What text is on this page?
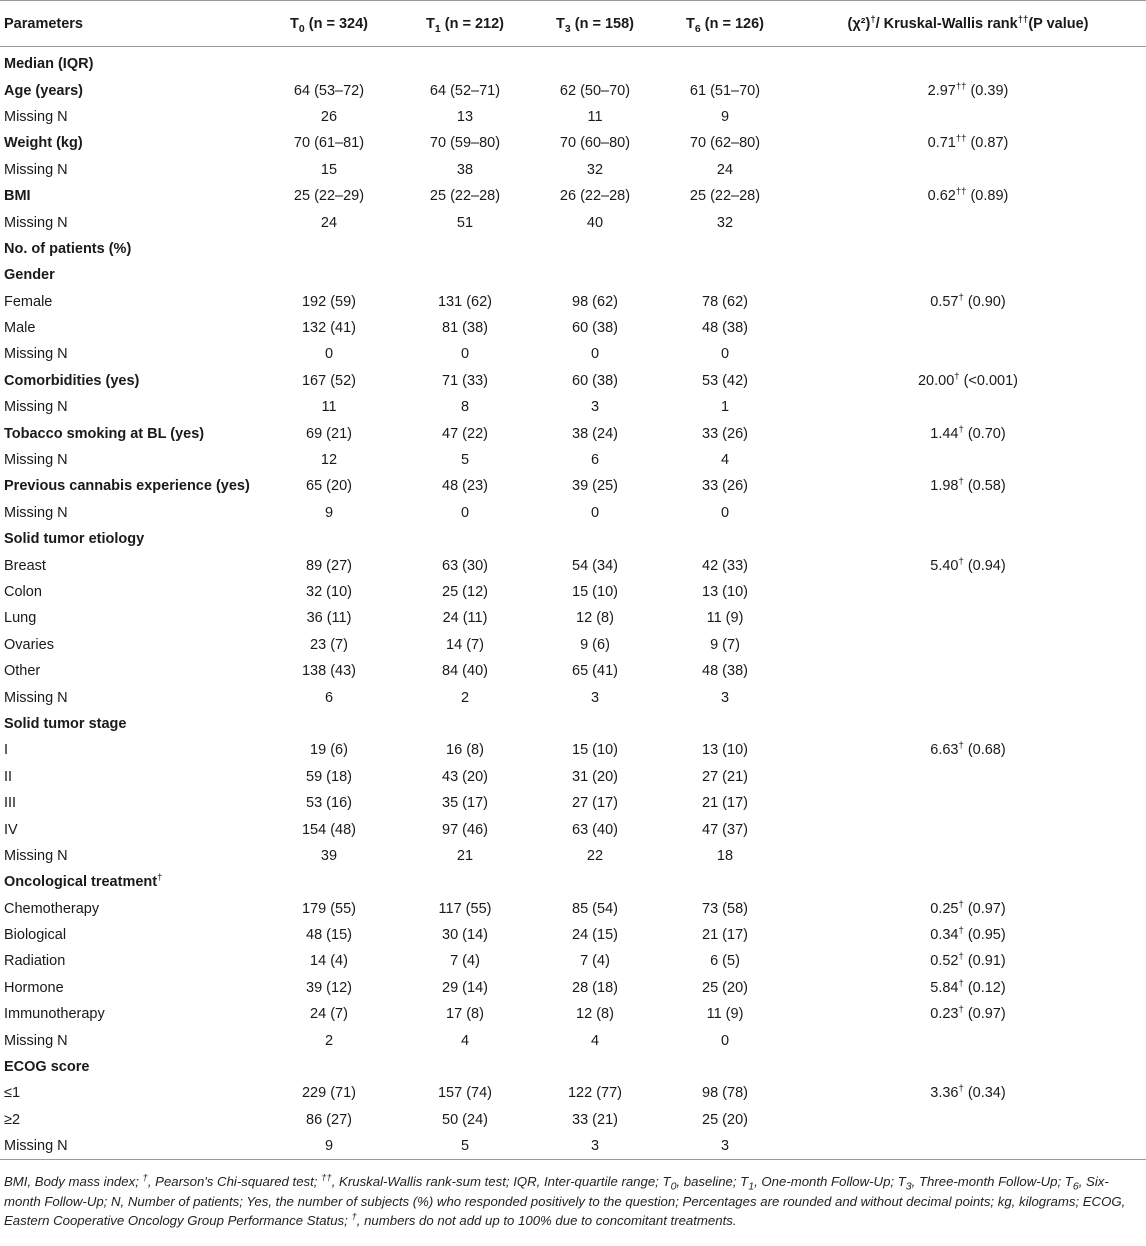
Parameters	$T_0$ (n = 324)	$T_1$ (n = 212)	$T_3$ (n = 158)	$T_6$ (n = 126)	(χ²)†/ Kruskal-Wallis rank††(P value)
Median (IQR)					
Age (years)	64 (53–72)	64 (52–71)	62 (50–70)	61 (51–70)	2.97†† (0.39)
Missing N	26	13	11	9	
Weight (kg)	70 (61–81)	70 (59–80)	70 (60–80)	70 (62–80)	0.71†† (0.87)
Missing N	15	38	32	24	
BMI	25 (22–29)	25 (22–28)	26 (22–28)	25 (22–28)	0.62†† (0.89)
Missing N	24	51	40	32	
No. of patients (%)					
Gender					
Female	192 (59)	131 (62)	98 (62)	78 (62)	0.57† (0.90)
Male	132 (41)	81 (38)	60 (38)	48 (38)	
Missing N	0	0	0	0	
Comorbidities (yes)	167 (52)	71 (33)	60 (38)	53 (42)	20.00† (<0.001)
Missing N	11	8	3	1	
Tobacco smoking at BL (yes)	69 (21)	47 (22)	38 (24)	33 (26)	1.44† (0.70)
Missing N	12	5	6	4	
Previous cannabis experience (yes)	65 (20)	48 (23)	39 (25)	33 (26)	1.98† (0.58)
Missing N	9	0	0	0	
Solid tumor etiology					
Breast	89 (27)	63 (30)	54 (34)	42 (33)	5.40† (0.94)
Colon	32 (10)	25 (12)	15 (10)	13 (10)	
Lung	36 (11)	24 (11)	12 (8)	11 (9)	
Ovaries	23 (7)	14 (7)	9 (6)	9 (7)	
Other	138 (43)	84 (40)	65 (41)	48 (38)	
Missing N	6	2	3	3	
Solid tumor stage					
I	19 (6)	16 (8)	15 (10)	13 (10)	6.63† (0.68)
II	59 (18)	43 (20)	31 (20)	27 (21)	
III	53 (16)	35 (17)	27 (17)	21 (17)	
IV	154 (48)	97 (46)	63 (40)	47 (37)	
Missing N	39	21	22	18	
Oncological treatment†					
Chemotherapy	179 (55)	117 (55)	85 (54)	73 (58)	0.25† (0.97)
Biological	48 (15)	30 (14)	24 (15)	21 (17)	0.34† (0.95)
Radiation	14 (4)	7 (4)	7 (4)	6 (5)	0.52† (0.91)
Hormone	39 (12)	29 (14)	28 (18)	25 (20)	5.84† (0.12)
Immunotherapy	24 (7)	17 (8)	12 (8)	11 (9)	0.23† (0.97)
Missing N	2	4	4	0	
ECOG score					
≤1	229 (71)	157 (74)	122 (77)	98 (78)	3.36† (0.34)
≥2	86 (27)	50 (24)	33 (21)	25 (20)	
Missing N	9	5	3	3	
BMI, Body mass index; †, Pearson's Chi-squared test; ††, Kruskal-Wallis rank-sum test; IQR, Inter-quartile range; $T_0$, baseline; $T_1$, One-month Follow-Up; $T_3$, Three-month Follow-Up; $T_6$, Six-month Follow-Up; N, Number of patients; Yes, the number of subjects (%) who responded positively to the question; Percentages are rounded and without decimal points; kg, kilograms; ECOG, Eastern Cooperative Oncology Group Performance Status; †, numbers do not add up to 100% due to concomitant treatments.
